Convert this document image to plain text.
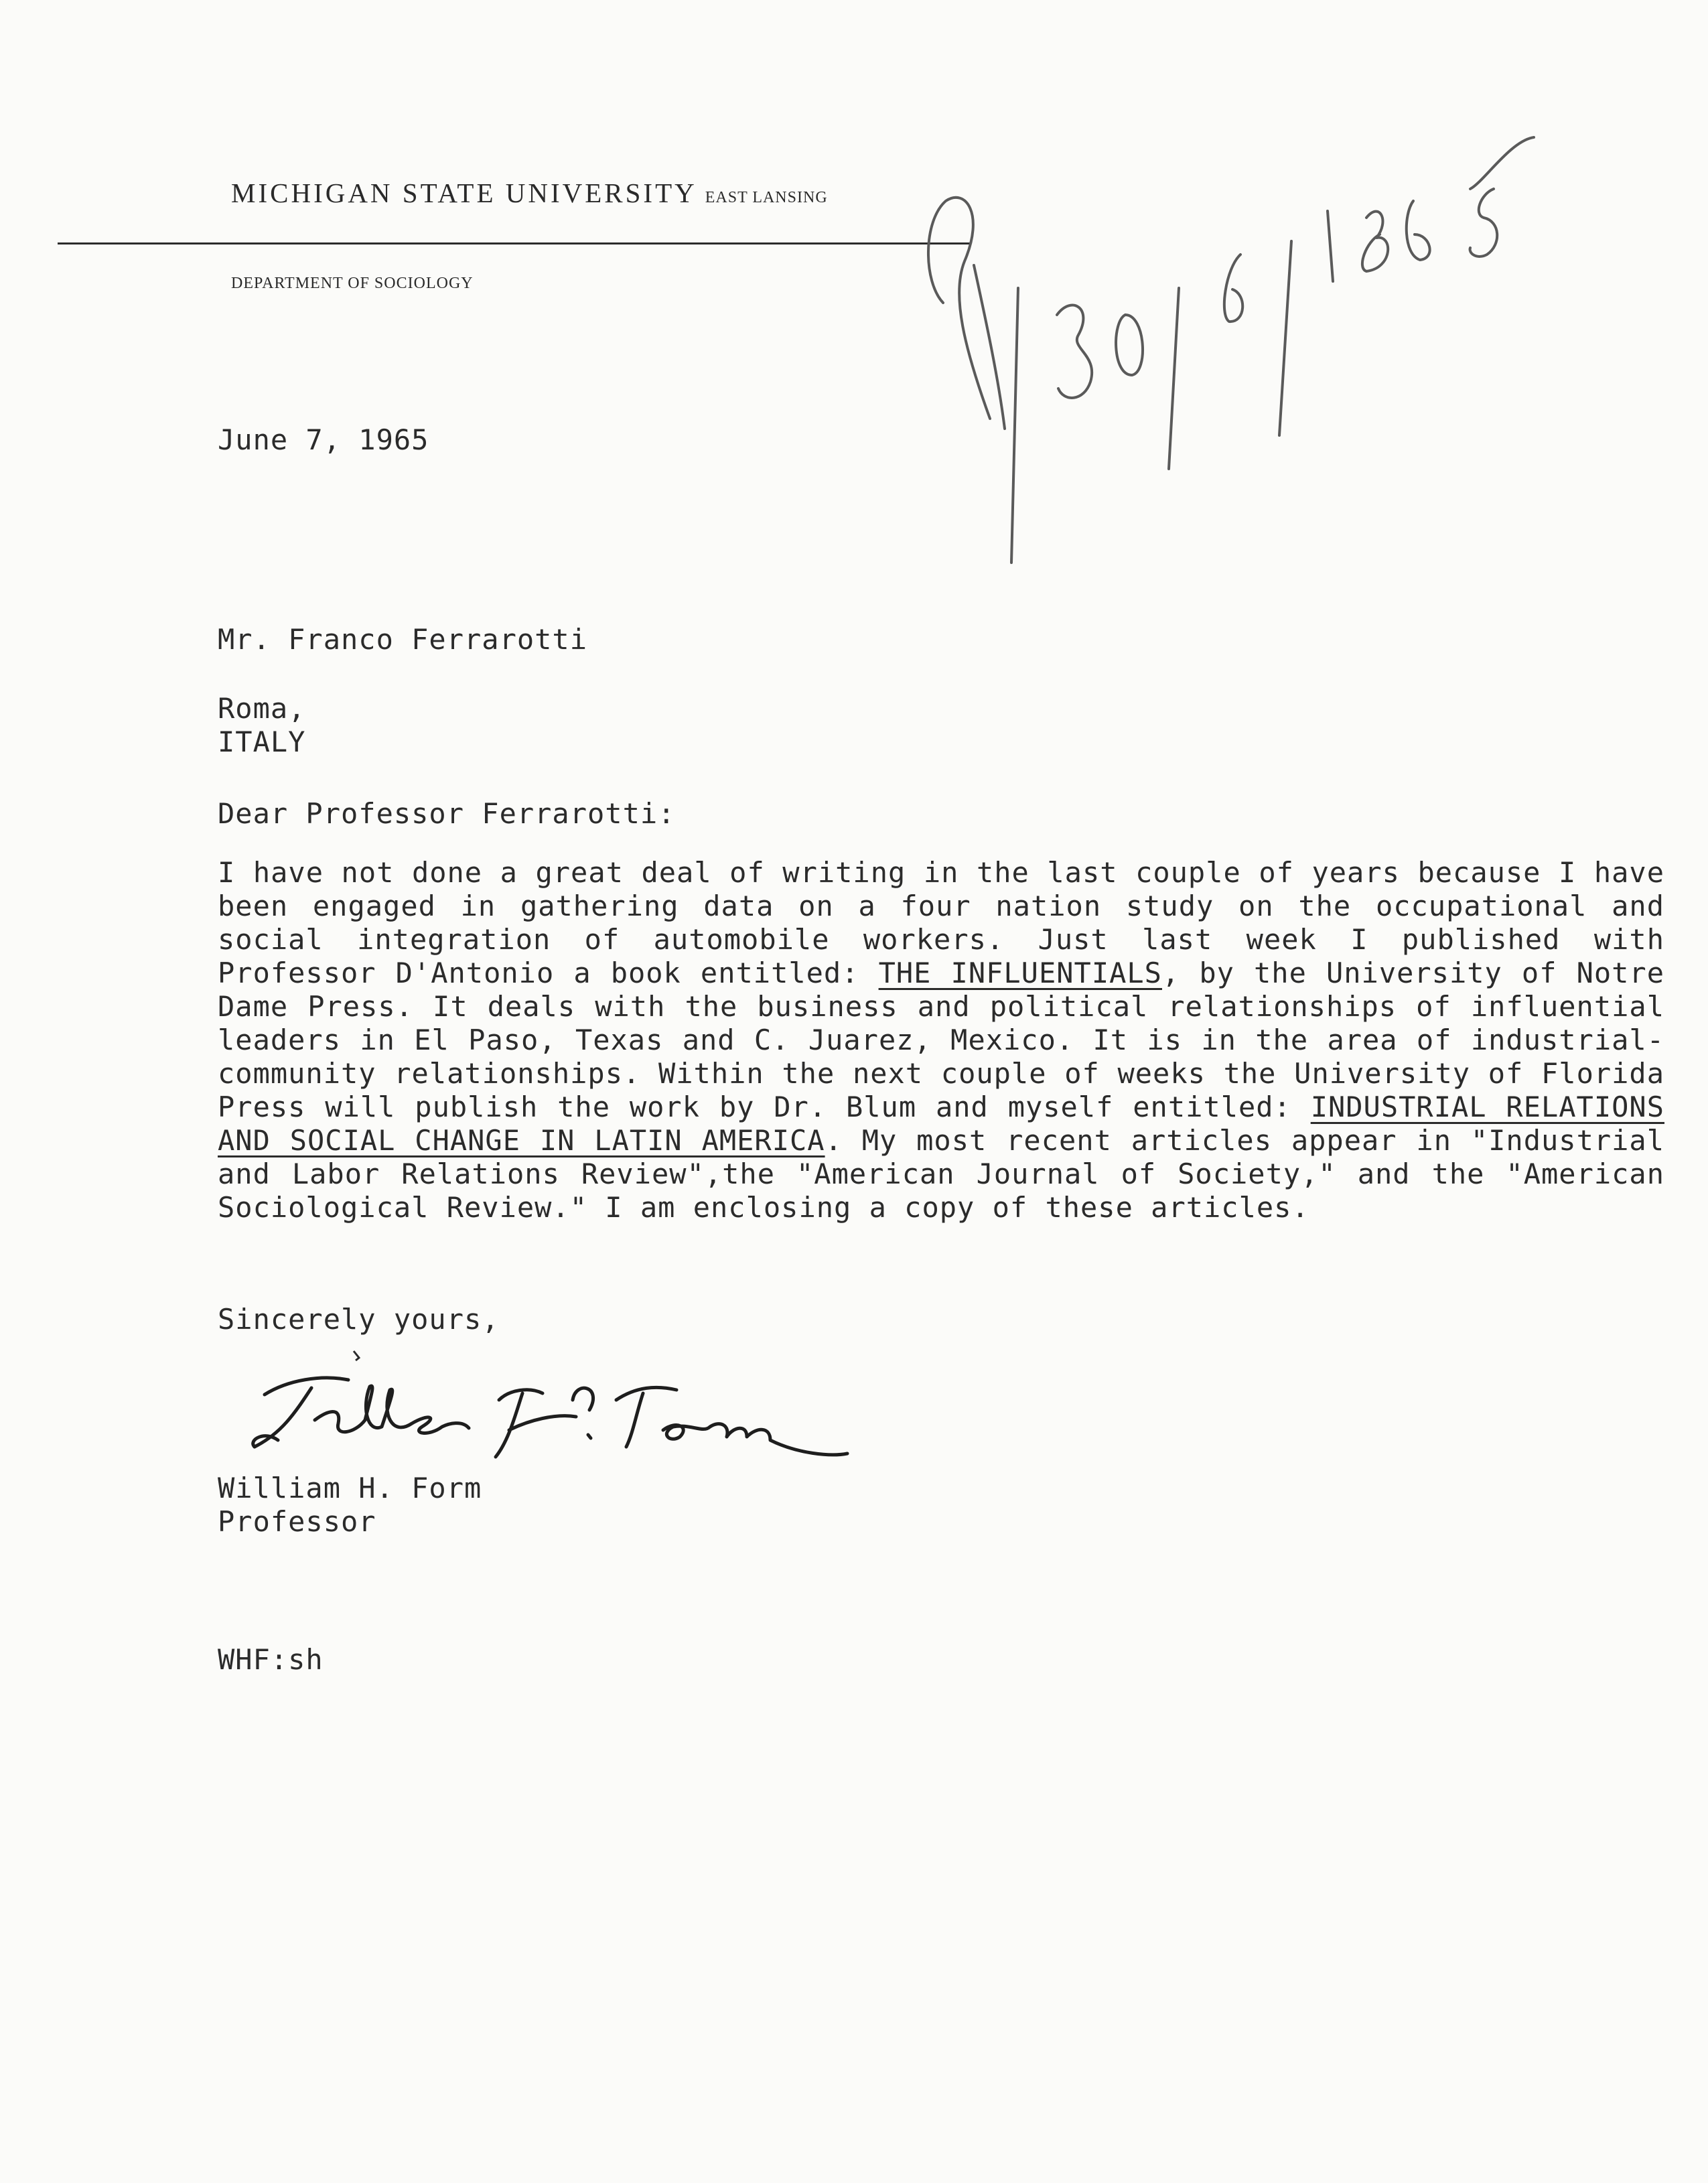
MICHIGAN STATE UNIVERSITY EAST LANSING
DEPARTMENT OF SOCIOLOGY
June 7, 1965
Mr. Franco Ferrarotti
Roma,
ITALY
Dear Professor Ferrarotti:

I have not done a great deal of writing in the last couple of years because I have been engaged in gathering data on a four nation study on the occupational and social integration of automobile workers. Just last week I published with Professor D'Antonio a book entitled: THE INFLUENTIALS, by the University of Notre Dame Press. It deals with the business and political relationships of influential leaders in El Paso, Texas and C. Juarez, Mexico. It is in the area of industrial-community relationships. Within the next couple of weeks the University of Florida Press will publish the work by Dr. Blum and myself entitled: INDUSTRIAL RELATIONS AND SOCIAL CHANGE IN LATIN AMERICA. My most recent articles appear in "Industrial and Labor Relations Review",the "American Journal of Society," and the "American Sociological Review." I am enclosing a copy of these articles.

Sincerely yours,
William H. Form
Professor
WHF:sh
